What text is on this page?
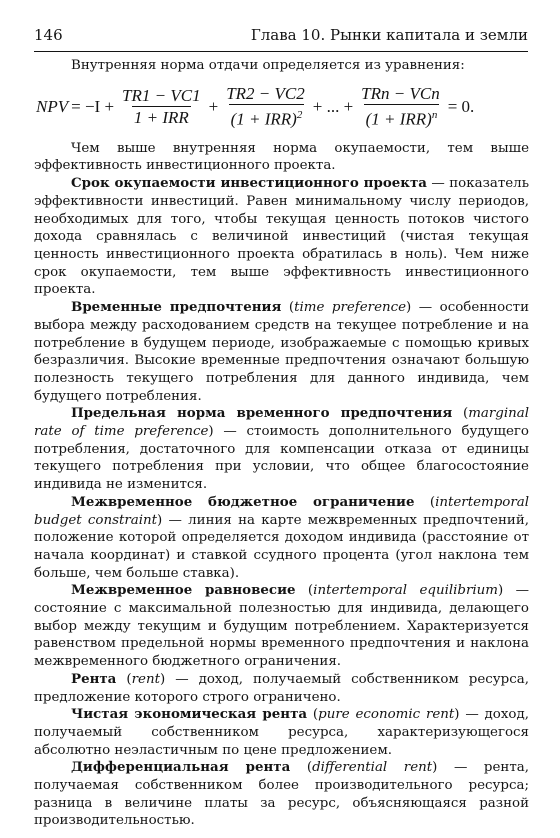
146	Глава 10. Рынки капитала и земли

Внутренняя норма отдачи определяется из уравнения:

NPV = $-I + \frac{TR1 - VC1}{\text{1 + IRR}} + \frac{TR2 - VC2}{(1 + IRR)^2}$ + ... + $\frac{\text{TRn − VCn}}{(1 + IRR)^n} = 0$.

Чем выше внутренняя норма окупаемости, тем выше эффективность инвестиционного проекта.

Срок окупаемости инвестиционного проекта — показатель эффективности инвестиций. Равен минимальному числу периодов, необходимых для того, чтобы текущая ценность потоков чистого дохода сравнялась с величиной инвестиций (чистая текущая ценность инвестиционного проекта обратилась в ноль). Чем ниже срок окупаемости, тем выше эффективность инвестиционного проекта.

Временные предпочтения (time preference) — особенности выбора между расходованием средств на текущее потребление и на потребление в будущем периоде, изображаемые с помощью кривых безразличия. Высокие временные предпочтения означают большую полезность текущего потребления для данного индивида, чем будущего потребления.

Предельная норма временного предпочтения (marginal rate of time preference) — стоимость дополнительного будущего потребления, достаточного для компенсации отказа от единицы текущего потребления при условии, что общее благосостояние индивида не изменится.

Межвременное бюджетное ограничение (intertemporal budget constraint) — линия на карте межвременных предпочтений, положение которой определяется доходом индивида (расстояние от начала координат) и ставкой ссудного процента (угол наклона тем больше, чем больше ставка).

Межвременное равновесие (intertemporal equilibrium) — состояние с максимальной полезностью для индивида, делающего выбор между текущим и будущим потреблением. Характеризуется равенством предельной нормы временного предпочтения и наклона межвременного бюджетного ограничения.

Рента (rent) — доход, получаемый собственником ресурса, предложение которого строго ограничено.

Чистая экономическая рента (pure economic rent) — доход, получаемый собственником ресурса, характеризующегося абсолютно неэластичным по цене предложением.

Дифференциальная рента (differential rent) — рента, получаемая собственником более производительного ресурса; разница в величине платы за ресурс, объясняющаяся разной производительностью.
